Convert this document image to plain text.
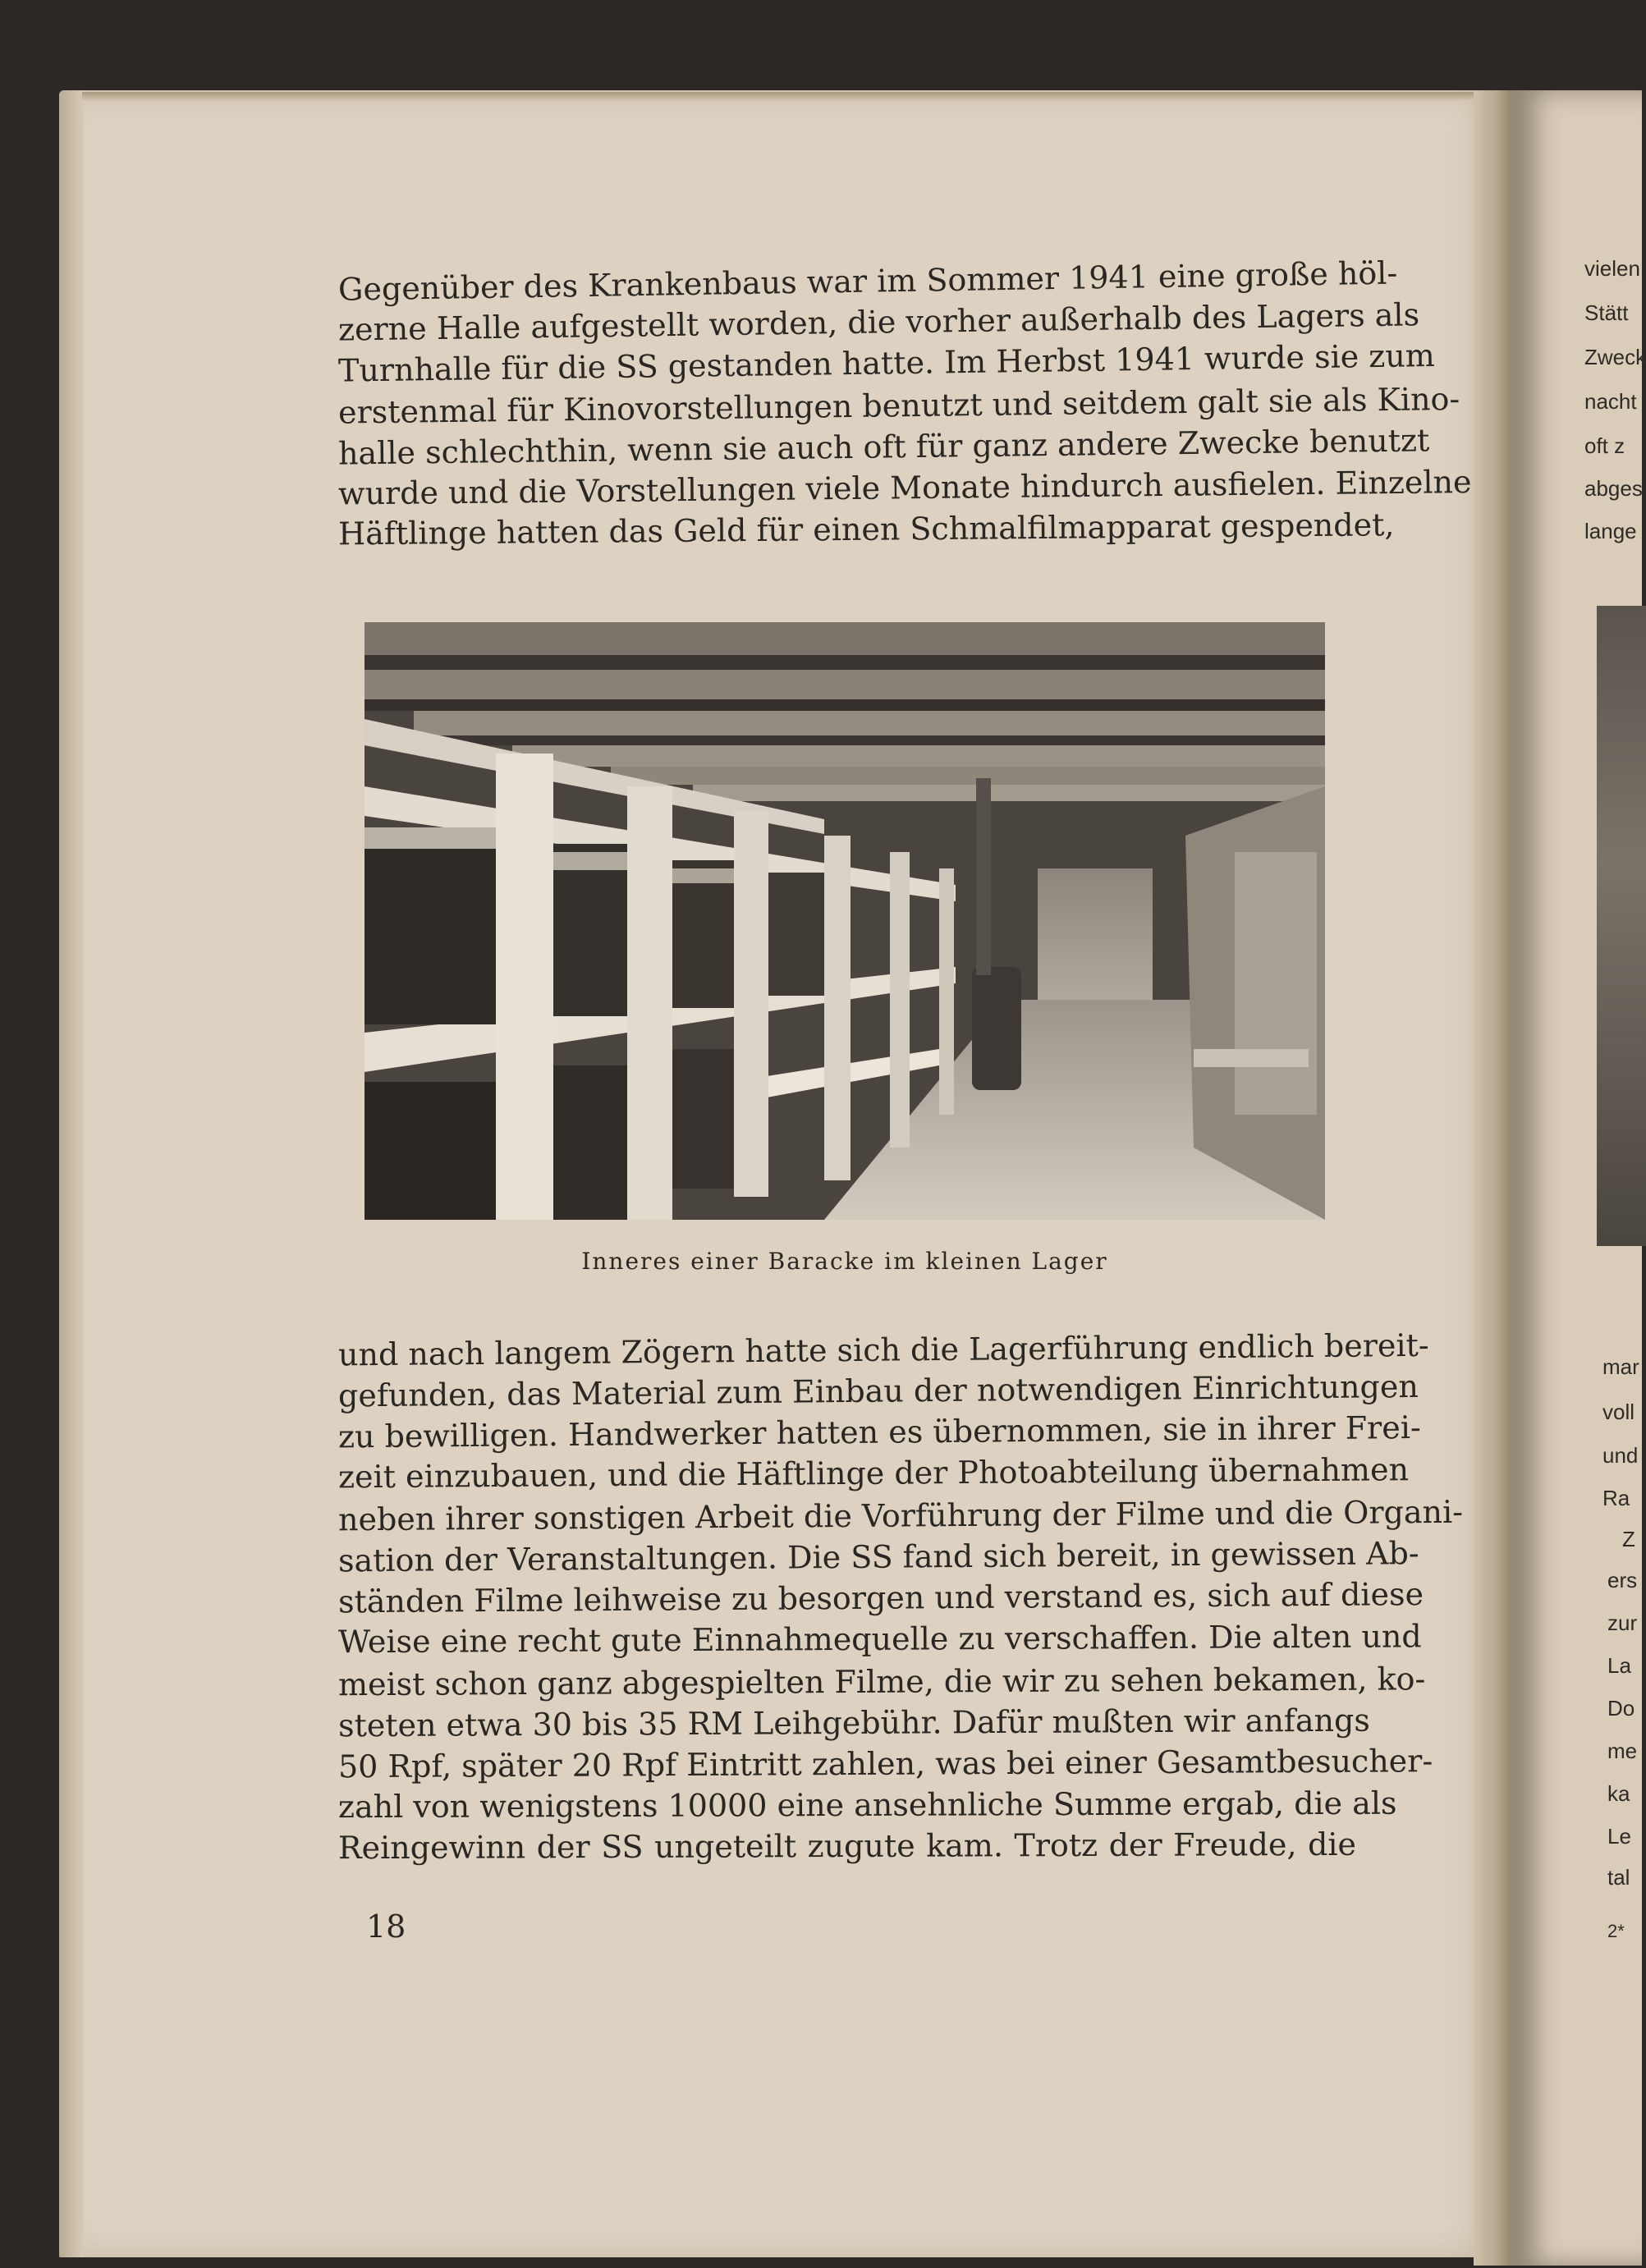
Gegenüber des Krankenbaus war im Sommer 1941 eine große höl-
zerne Halle aufgestellt worden, die vorher außerhalb des Lagers als
Turnhalle für die SS gestanden hatte. Im Herbst 1941 wurde sie zum
erstenmal für Kinovorstellungen benutzt und seitdem galt sie als Kino-
halle schlechthin, wenn sie auch oft für ganz andere Zwecke benutzt
wurde und die Vorstellungen viele Monate hindurch ausfielen. Einzelne
Häftlinge hatten das Geld für einen Schmalfilmapparat gespendet,
Inneres einer Baracke im kleinen Lager
und nach langem Zögern hatte sich die Lagerführung endlich bereit-
gefunden, das Material zum Einbau der notwendigen Einrichtungen
zu bewilligen. Handwerker hatten es übernommen, sie in ihrer Frei-
zeit einzubauen, und die Häftlinge der Photoabteilung übernahmen
neben ihrer sonstigen Arbeit die Vorführung der Filme und die Organi-
sation der Veranstaltungen. Die SS fand sich bereit, in gewissen Ab-
ständen Filme leihweise zu besorgen und verstand es, sich auf diese
Weise eine recht gute Einnahmequelle zu verschaffen. Die alten und
meist schon ganz abgespielten Filme, die wir zu sehen bekamen, ko-
steten etwa 30 bis 35 RM Leihgebühr. Dafür mußten wir anfangs
50 Rpf, später 20 Rpf Eintritt zahlen, was bei einer Gesamtbesucher-
zahl von wenigstens 10000 eine ansehnliche Summe ergab, die als
Reingewinn der SS ungeteilt zugute kam. Trotz der Freude, die
18
vielen
Stätt
Zweck
nacht
oft z
abges
lange
mar
voll
und
Ra
Z
ers
zur
La
Do
me
ka
Le
tal
2*
